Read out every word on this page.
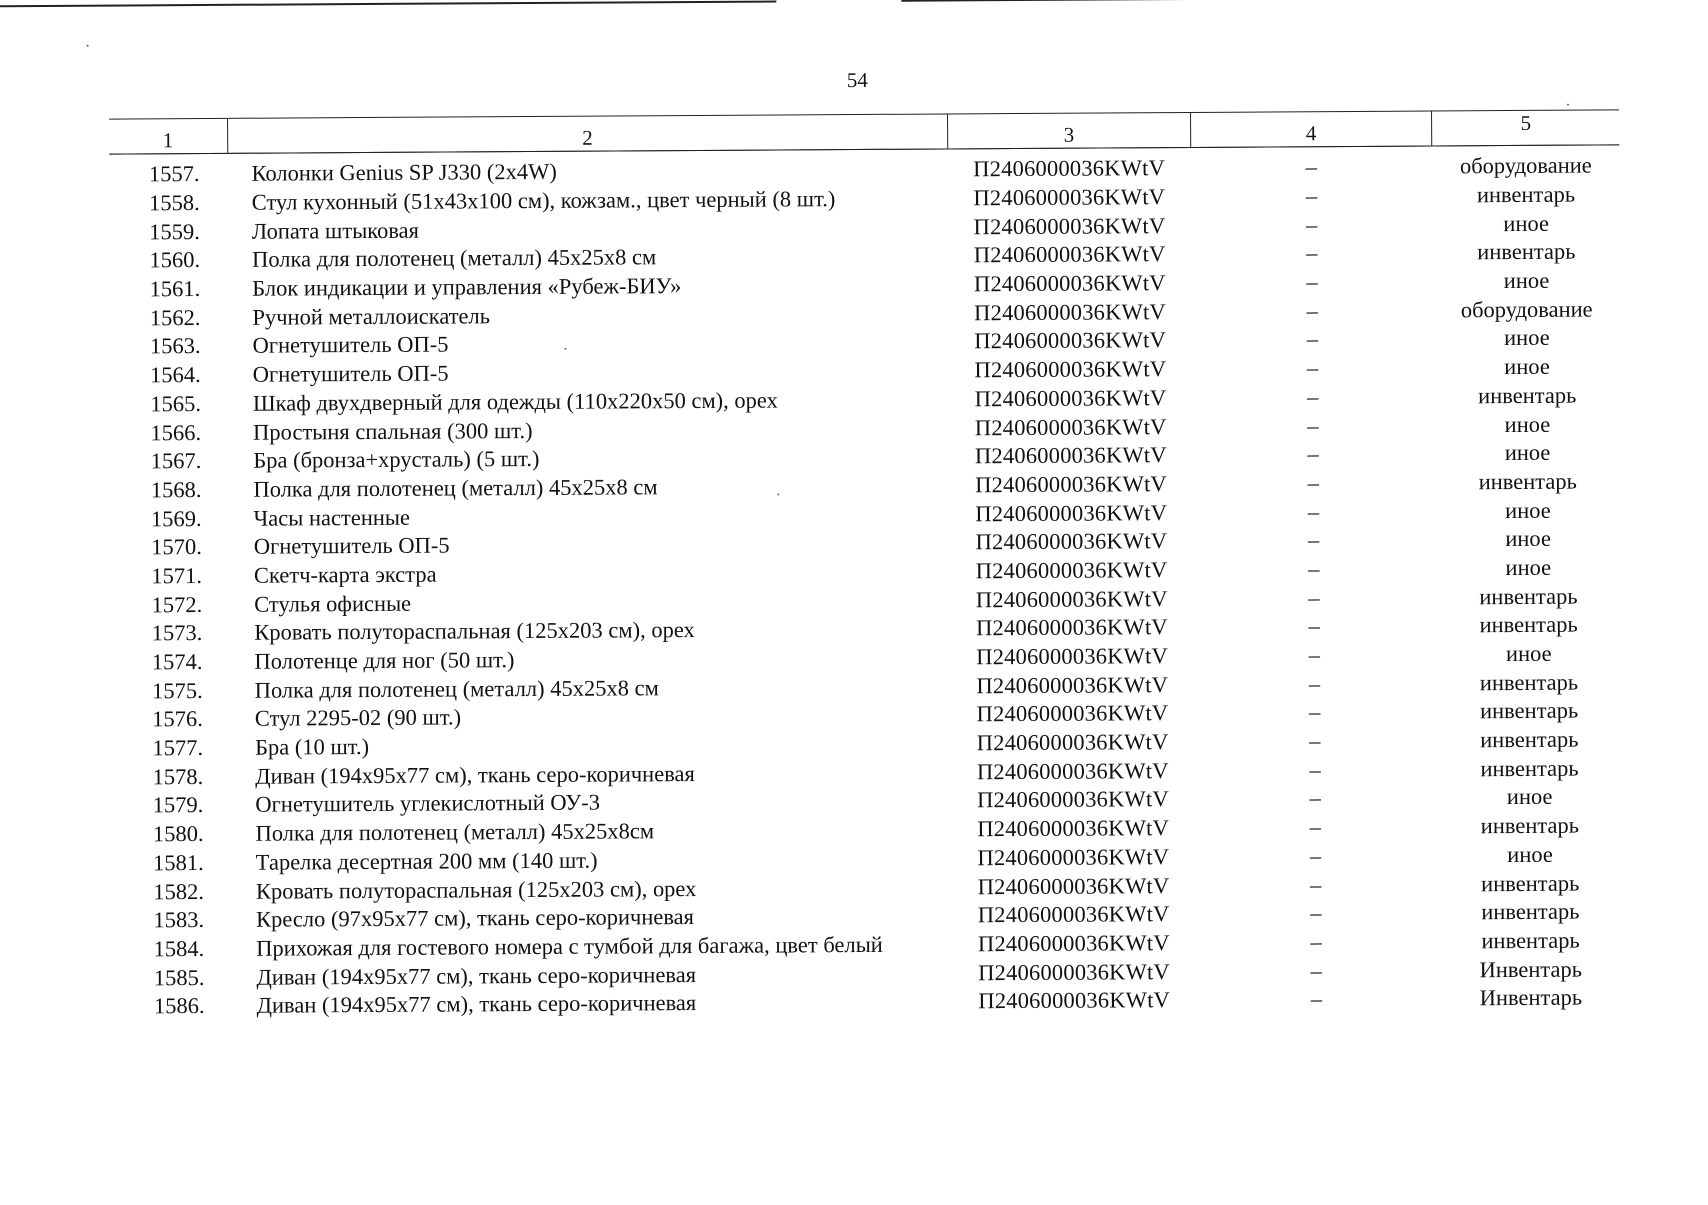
54
1	2	3	4	5
1557.	Колонки Genius SP J330 (2x4W)	П2406000036KWtV	–	оборудование
1558.	Стул кухонный (51х43х100 см), кожзам., цвет черный (8 шт.)	П2406000036KWtV	–	инвентарь
1559.	Лопата штыковая	П2406000036KWtV	–	иное
1560.	Полка для полотенец (металл) 45х25х8 см	П2406000036KWtV	–	инвентарь
1561.	Блок индикации и управления «Рубеж-БИУ»	П2406000036KWtV	–	иное
1562.	Ручной металлоискатель	П2406000036KWtV	–	оборудование
1563.	Огнетушитель ОП-5	П2406000036KWtV	–	иное
1564.	Огнетушитель ОП-5	П2406000036KWtV	–	иное
1565.	Шкаф двухдверный для одежды (110х220х50 см), орех	П2406000036KWtV	–	инвентарь
1566.	Простыня спальная (300 шт.)	П2406000036KWtV	–	иное
1567.	Бра (бронза+хрусталь) (5 шт.)	П2406000036KWtV	–	иное
1568.	Полка для полотенец (металл) 45х25х8 см	П2406000036KWtV	–	инвентарь
1569.	Часы настенные	П2406000036KWtV	–	иное
1570.	Огнетушитель ОП-5	П2406000036KWtV	–	иное
1571.	Скетч-карта экстра	П2406000036KWtV	–	иное
1572.	Стулья офисные	П2406000036KWtV	–	инвентарь
1573.	Кровать полутораспальная (125х203 см), орех	П2406000036KWtV	–	инвентарь
1574.	Полотенце для ног (50 шт.)	П2406000036KWtV	–	иное
1575.	Полка для полотенец (металл) 45х25х8 см	П2406000036KWtV	–	инвентарь
1576.	Стул 2295-02 (90 шт.)	П2406000036KWtV	–	инвентарь
1577.	Бра (10 шт.)	П2406000036KWtV	–	инвентарь
1578.	Диван (194х95х77 см), ткань серо-коричневая	П2406000036KWtV	–	инвентарь
1579.	Огнетушитель углекислотный ОУ-3	П2406000036KWtV	–	иное
1580.	Полка для полотенец (металл) 45х25х8см	П2406000036KWtV	–	инвентарь
1581.	Тарелка десертная 200 мм (140 шт.)	П2406000036KWtV	–	иное
1582.	Кровать полутораспальная (125х203 см), орех	П2406000036KWtV	–	инвентарь
1583.	Кресло (97х95х77 см), ткань серо-коричневая	П2406000036KWtV	–	инвентарь
1584.	Прихожая для гостевого номера с тумбой для багажа, цвет белый	П2406000036KWtV	–	инвентарь
1585.	Диван (194х95х77 см), ткань серо-коричневая	П2406000036KWtV	–	Инвентарь
1586.	Диван (194х95х77 см), ткань серо-коричневая	П2406000036KWtV	–	Инвентарь
